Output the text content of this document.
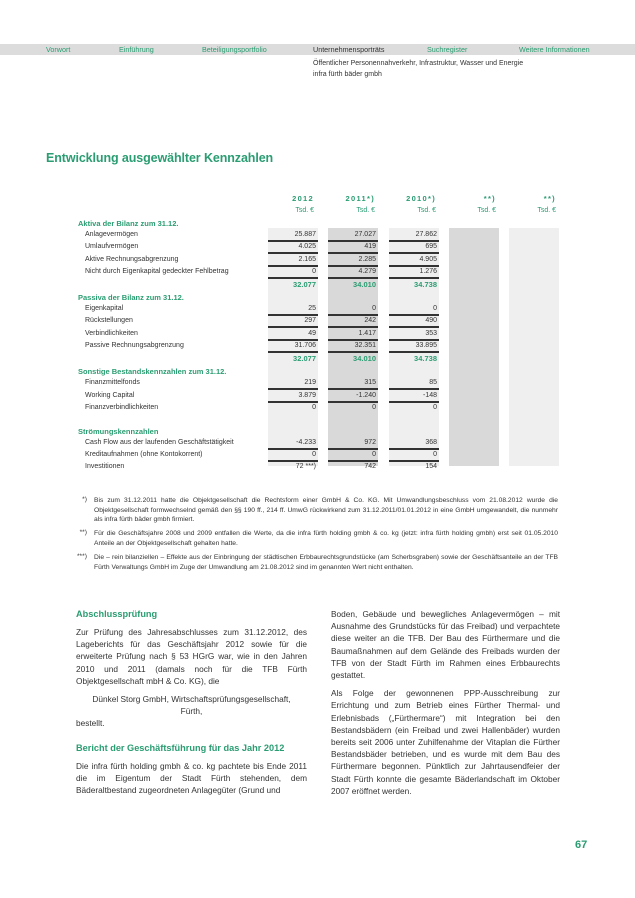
Vorwort	Einführung	Beteiligungsportfolio	Unternehmensporträts	Suchregister	Weitere Informationen
Öffentlicher Personennahverkehr, Infrastruktur, Wasser und Energie
infra fürth bäder gmbh
Entwicklung ausgewählter Kennzahlen
2012	2011*)	2010*)	**)	**)
Tsd. €	Tsd. €	Tsd. €	Tsd. €	Tsd. €
Aktiva der Bilanz zum 31.12.
Anlagevermögen	25.887	27.027	27.862
Umlaufvermögen	4.025	419	695
Aktive Rechnungsabgrenzung	2.165	2.285	4.905
Nicht durch Eigenkapital gedeckter Fehlbetrag	0	4.279	1.276
32.077	34.010	34.738
Passiva der Bilanz zum 31.12.
Eigenkapital	25	0	0
Rückstellungen	297	242	490
Verbindlichkeiten	49	1.417	353
Passive Rechnungsabgrenzung	31.706	32.351	33.895
32.077	34.010	34.738
Sonstige Bestandskennzahlen zum 31.12.
Finanzmittelfonds	219	315	85
Working Capital	3.879	-1.240	-148
Finanzverbindlichkeiten	0	0	0
Strömungskennzahlen
Cash Flow aus der laufenden Geschäftstätigkeit	-4.233	972	368
Kreditaufnahmen (ohne Kontokorrent)	0	0	0
Investitionen	72 ***)	742	154
*) Bis zum 31.12.2011 hatte die Objektgesellschaft die Rechtsform einer GmbH & Co. KG. Mit Umwandlungsbeschluss vom 21.08.2012 wurde die Objektgesellschaft formwechselnd gemäß den §§ 190 ff., 214 ff. UmwG rückwirkend zum 31.12.2011/01.01.2012 in eine GmbH umgewandelt, die nunmehr als infra fürth bäder gmbh firmiert.
**) Für die Geschäftsjahre 2008 und 2009 entfallen die Werte, da die infra fürth holding gmbh & co. kg (jetzt: infra fürth holding gmbh) erst seit 01.05.2010 Anteile an der Objektgesellschaft gehalten hatte.
***) Die – rein bilanziellen – Effekte aus der Einbringung der städtischen Erbbaurechtsgrundstücke (am Scherbsgraben) sowie der Geschäftsanteile an der TFB Fürth Verwaltungs GmbH im Zuge der Umwandlung am 21.08.2012 sind im genannten Wert nicht enthalten.
Abschlussprüfung
Zur Prüfung des Jahresabschlusses zum 31.12.2012, des Lageberichts für das Geschäftsjahr 2012 sowie für die erweiterte Prüfung nach § 53 HGrG war, wie in den Jahren 2010 und 2011 (damals noch für die TFB Fürth Objektgesellschaft mbH & Co. KG), die
Dünkel Storg GmbH, Wirtschaftsprüfungsgesellschaft,
Fürth,
bestellt.
Bericht der Geschäftsführung für das Jahr 2012
Die infra fürth holding gmbh & co. kg pachtete bis Ende 2011 die im Eigentum der Stadt Fürth stehenden, dem Bäderaltbestand zugeordneten Anlagegüter (Grund und
Boden, Gebäude und bewegliches Anlagevermögen – mit Ausnahme des Grundstücks für das Freibad) und verpachtete diese weiter an die TFB. Der Bau des Fürthermare und die Baumaßnahmen auf dem Gelände des Freibads wurden der TFB von der Stadt Fürth im Rahmen eines Erbbaurechts gestattet.
Als Folge der gewonnenen PPP-Ausschreibung zur Errichtung und zum Betrieb eines Fürther Thermal- und Erlebnisbads („Fürthermare“) mit Integration bei den Bestandsbädern (ein Freibad und zwei Hallenbäder) wurden bereits seit 2006 unter Zuhilfenahme der Vitaplan die Fürther Bestandsbäder betrieben, und es wurde mit dem Bau des Fürthermare begonnen. Pünktlich zur Jahrtausendfeier der Stadt Fürth konnte die gesamte Bäderlandschaft im Oktober 2007 eröffnet werden.
67
